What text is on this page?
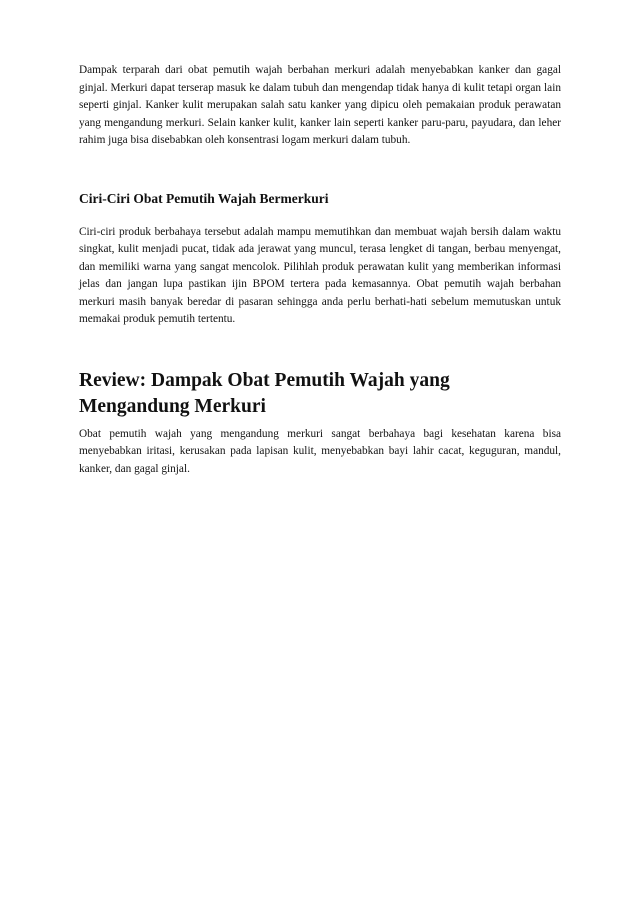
Dampak terparah dari obat pemutih wajah berbahan merkuri adalah menyebabkan kanker dan gagal ginjal. Merkuri dapat terserap masuk ke dalam tubuh dan mengendap tidak hanya di kulit tetapi organ lain seperti ginjal. Kanker kulit merupakan salah satu kanker yang dipicu oleh pemakaian produk perawatan yang mengandung merkuri. Selain kanker kulit, kanker lain seperti kanker paru-paru, payudara, dan leher rahim juga bisa disebabkan oleh konsentrasi logam merkuri dalam tubuh.

Ciri-Ciri Obat Pemutih Wajah Bermerkuri

Ciri-ciri produk berbahaya tersebut adalah mampu memutihkan dan membuat wajah bersih dalam waktu singkat, kulit menjadi pucat, tidak ada jerawat yang muncul, terasa lengket di tangan, berbau menyengat, dan memiliki warna yang sangat mencolok. Pilihlah produk perawatan kulit yang memberikan informasi jelas dan jangan lupa pastikan ijin BPOM tertera pada kemasannya. Obat pemutih wajah berbahan merkuri masih banyak beredar di pasaran sehingga anda perlu berhati-hati sebelum memutuskan untuk memakai produk pemutih tertentu.

Review: Dampak Obat Pemutih Wajah yang Mengandung Merkuri

Obat pemutih wajah yang mengandung merkuri sangat berbahaya bagi kesehatan karena bisa menyebabkan iritasi, kerusakan pada lapisan kulit, menyebabkan bayi lahir cacat, keguguran, mandul, kanker, dan gagal ginjal.
